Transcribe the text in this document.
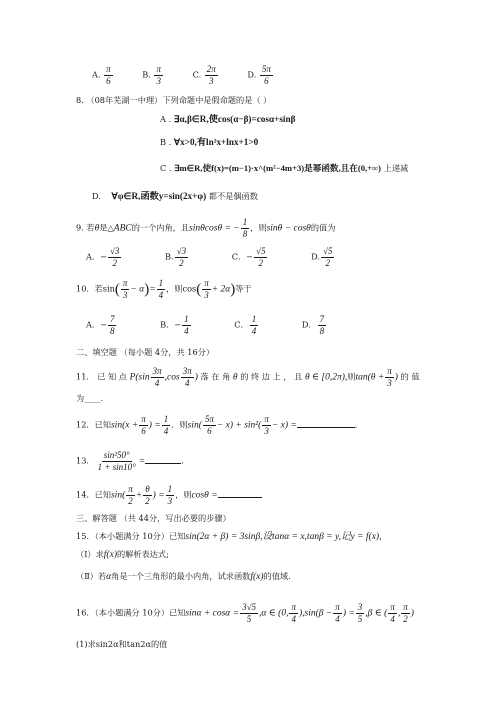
A. $\frac{\pi}{6}$	B. $\frac{\pi}{3}$	C. $\frac{2\pi}{3}$	D. $\frac{5\pi}{6}$
8. （08年芜湖一中理）下列命题中是假命题的是（ ）
A . ∃α,β∈R,使cos(α−β)=cosα+sinβ
B . ∀x>0,有ln²x+lnx+1>0
C . ∃m∈R,使f(x)=(m−1)·x^(m²−4m+3)是幂函数,且在(0,+∞) 上递减
D. ∀φ∈R,函数y=sin(2x+φ) 都不是偶函数
9. 若θ是△ABC的一个内角，且sinθcosθ = − $\frac{1}{8}$ ，则sinθ − cosθ的值为
A．− $\frac{√3}{2}$	B. $\frac{√3}{2}$	C．− $\frac{√5}{2}$	D. $\frac{√5}{2}$
10．若$\sin( \frac{\pi}{3} - \alpha)= \frac{1}{4}$ ，则$\cos( \frac{\pi}{3} + 2\alpha)$等于
A．− $\frac{7}{8}$	B．− $\frac{1}{4}$	C． $\frac{1}{4}$	D． $\frac{7}{8}$
二、填空题 （每小题 4分，共 16分）
11． 已 知 点 $P(\sin \frac{3\pi}{4} ,\cos \frac{3\pi}{4}$ ) 落 在 角 θ 的 终 边 上 ， 且 θ ∈ [0,2π),则$\tan(\theta + \frac{\pi}{3}$ ) 的 值
为____.
12．已知$\sin(x + \frac{\pi}{6}$ ) = $\frac{1}{4}$ ．则$\sin( \frac{5\pi}{6} - x) + \sin^2( \frac{\pi}{3} - x)$ =	.
13． $\frac{\text{sin²50°}}{1 + \sin 10^\circ}$ =	.
14．已知$\sin( \frac{\pi}{2} + \frac{\theta}{2}$ ) = $\frac{1}{3}$ ，则cosθ =
三、解答题 （共 44分，写出必要的步骤）
15．（本小题满分 10分）已知sin(2α + β) = 3sinβ,设tanα = x,tanβ = y,记y = f(x),
（Ⅰ）求f(x)的解析表达式;
（Ⅱ）若α角是一个三角形的最小内角，试求函数f(x)的值域.
16．（本小题满分 10分）已知$\sin\alpha + \cos\alpha = \frac{3√5}{5} ,\alpha$ ∈ (0, $\frac{\pi}{4} ),\sin(\beta - \frac{\pi}{4}$ ) = $\frac{3}{5} ,\beta$ ∈ ( $\frac{\pi}{4}$ , $\frac{\pi}{2}$ )
(1)求sin2α和tan2α的值
